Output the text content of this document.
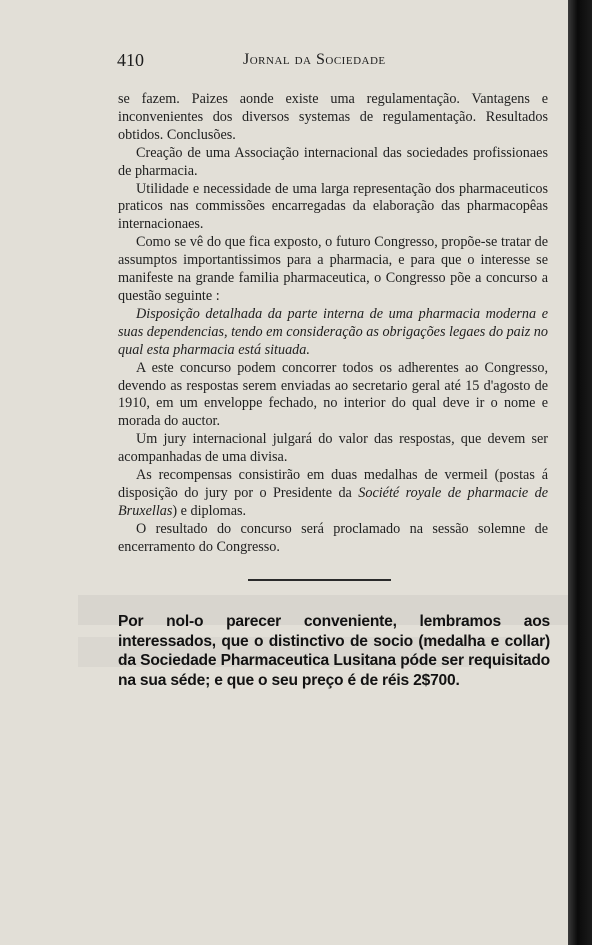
410	Jornal da Sociedade

se fazem. Paizes aonde existe uma regulamentação. Vantagens e inconvenientes dos diversos systemas de regulamentação. Resultados obtidos. Conclusões.

Creação de uma Associação internacional das sociedades profissionaes de pharmacia.

Utilidade e necessidade de uma larga representação dos pharmaceuticos praticos nas commissões encarregadas da elaboração das pharmacopêas internacionaes.

Como se vê do que fica exposto, o futuro Congresso, propõe-se tratar de assumptos importantissimos para a pharmacia, e para que o interesse se manifeste na grande familia pharmaceutica, o Congresso põe a concurso a questão seguinte :

Disposição detalhada da parte interna de uma pharmacia moderna e suas dependencias, tendo em consideração as obrigações legaes do paiz no qual esta pharmacia está situada.

A este concurso podem concorrer todos os adherentes ao Congresso, devendo as respostas serem enviadas ao secretario geral até 15 d'agosto de 1910, em um enveloppe fechado, no interior do qual deve ir o nome e morada do auctor.

Um jury internacional julgará do valor das respostas, que devem ser acompanhadas de uma divisa.

As recompensas consistirão em duas medalhas de vermeil (postas á disposição do jury por o Presidente da Société royale de pharmacie de Bruxellas) e diplomas.

O resultado do concurso será proclamado na sessão solemne de encerramento do Congresso.

Por nol-o parecer conveniente, lembramos aos interessados, que o distinctivo de socio (medalha e collar) da Sociedade Pharmaceutica Lusitana póde ser requisitado na sua séde; e que o seu preço é de réis 2$700.
